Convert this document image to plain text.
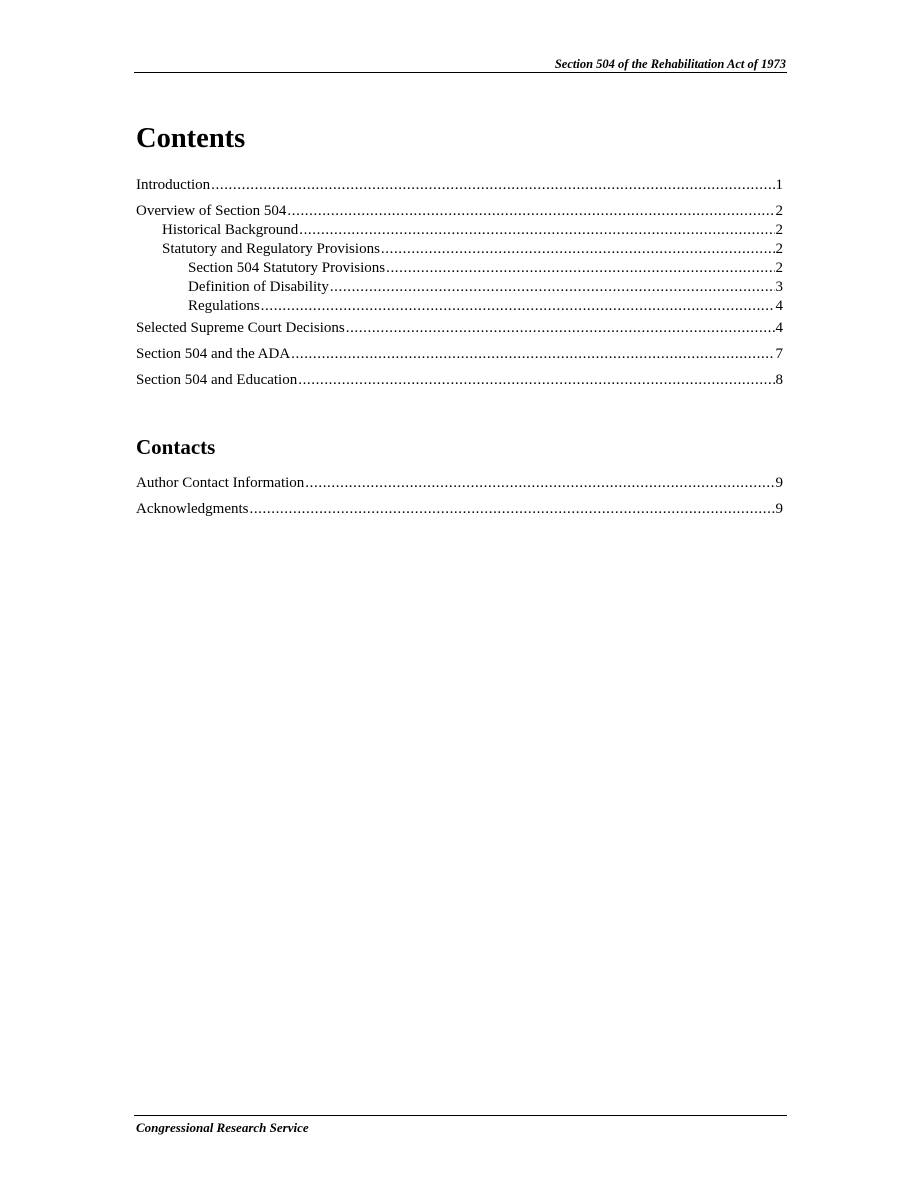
Section 504 of the Rehabilitation Act of 1973
Contents
Introduction .....	1
Overview of Section 504 .....	2
Historical Background .....	2
Statutory and Regulatory Provisions .....	2
Section 504 Statutory Provisions .....	2
Definition of Disability .....	3
Regulations .....	4
Selected Supreme Court Decisions .....	4
Section 504 and the ADA .....	7
Section 504 and Education .....	8
Contacts
Author Contact Information .....	9
Acknowledgments .....	9
Congressional Research Service
